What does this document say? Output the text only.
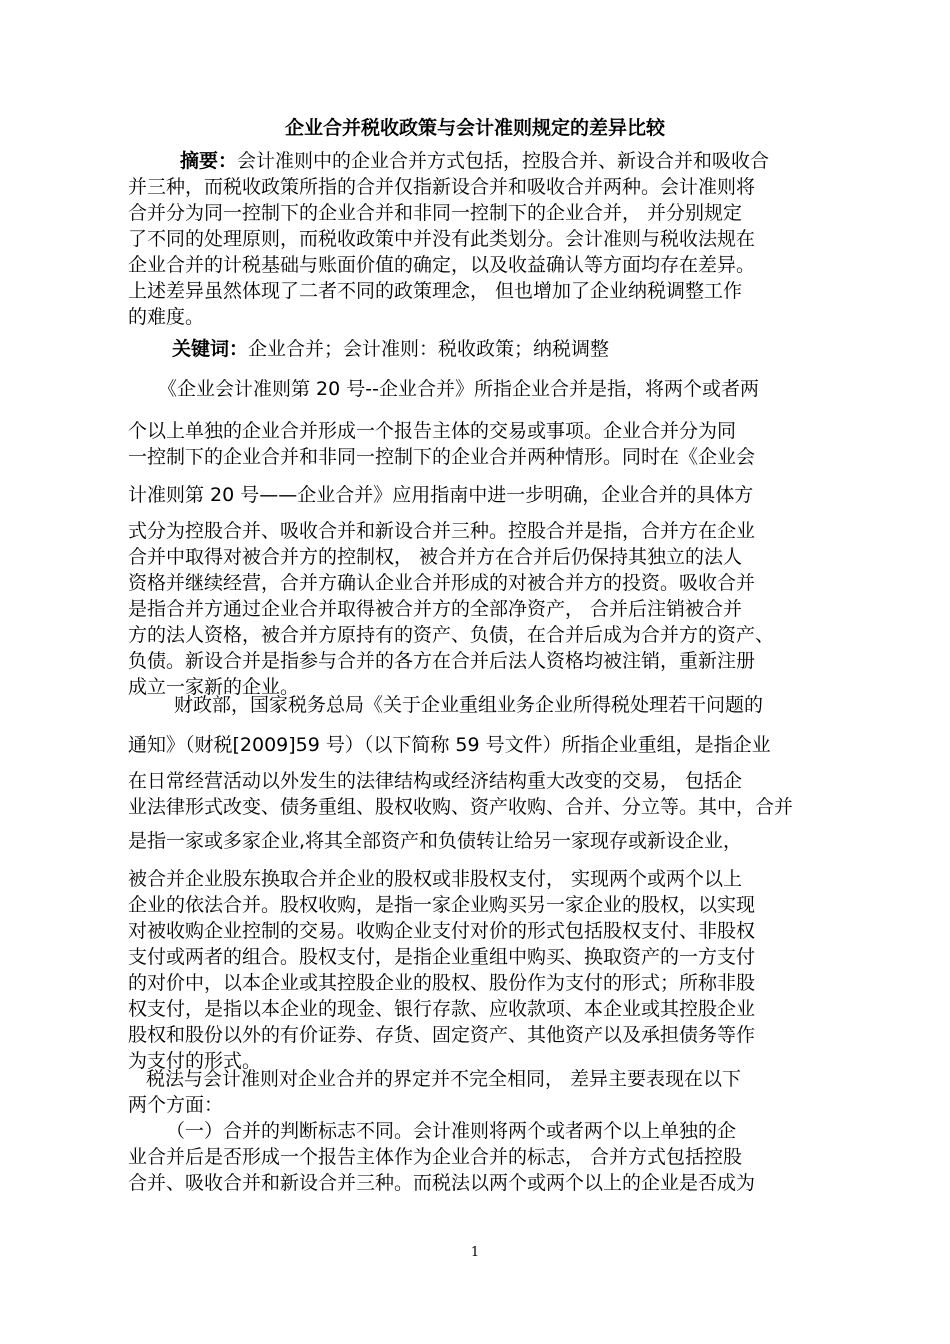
企业合并税收政策与会计准则规定的差异比较
摘要：会计准则中的企业合并方式包括，控股合并、新设合并和吸收合
并三种，而税收政策所指的合并仅指新设合并和吸收合并两种。会计准则将
合并分为同一控制下的企业合并和非同一控制下的企业合并， 并分别规定
了不同的处理原则，而税收政策中并没有此类划分。会计准则与税收法规在
企业合并的计税基础与账面价值的确定，以及收益确认等方面均存在差异。
上述差异虽然体现了二者不同的政策理念， 但也增加了企业纳税调整工作
的难度。
关键词：企业合并；会计准则：税收政策；纳税调整
《企业会计准则第 20 号--企业合并》所指企业合并是指，将两个或者两
个以上单独的企业合并形成一个报告主体的交易或事项。企业合并分为同
一控制下的企业合并和非同一控制下的企业合并两种情形。同时在《企业会
计准则第 20 号——企业合并》应用指南中进一步明确，企业合并的具体方
式分为控股合并、吸收合并和新设合并三种。控股合并是指，合并方在企业
合并中取得对被合并方的控制权， 被合并方在合并后仍保持其独立的法人
资格并继续经营，合并方确认企业合并形成的对被合并方的投资。吸收合并
是指合并方通过企业合并取得被合并方的全部净资产， 合并后注销被合并
方的法人资格，被合并方原持有的资产、负债，在合并后成为合并方的资产、
负债。新设合并是指参与合并的各方在合并后法人资格均被注销，重新注册
成立一家新的企业。
财政部，国家税务总局《关于企业重组业务企业所得税处理若干问题的
通知》（财税[2009]59 号）（以下简称 59 号文件）所指企业重组，是指企业
在日常经营活动以外发生的法律结构或经济结构重大改变的交易， 包括企
业法律形式改变、债务重组、股权收购、资产收购、合并、分立等。其中，合并
是指一家或多家企业,将其全部资产和负债转让给另一家现存或新设企业，
被合并企业股东换取合并企业的股权或非股权支付， 实现两个或两个以上
企业的依法合并。股权收购，是指一家企业购买另一家企业的股权，以实现
对被收购企业控制的交易。收购企业支付对价的形式包括股权支付、非股权
支付或两者的组合。股权支付，是指企业重组中购买、换取资产的一方支付
的对价中，以本企业或其控股企业的股权、股份作为支付的形式；所称非股
权支付，是指以本企业的现金、银行存款、应收款项、本企业或其控股企业
股权和股份以外的有价证券、存货、固定资产、其他资产以及承担债务等作
为支付的形式。
税法与会计准则对企业合并的界定并不完全相同， 差异主要表现在以下
两个方面：
（一）合并的判断标志不同。会计准则将两个或者两个以上单独的企
业合并后是否形成一个报告主体作为企业合并的标志， 合并方式包括控股
合并、吸收合并和新设合并三种。而税法以两个或两个以上的企业是否成为
1
